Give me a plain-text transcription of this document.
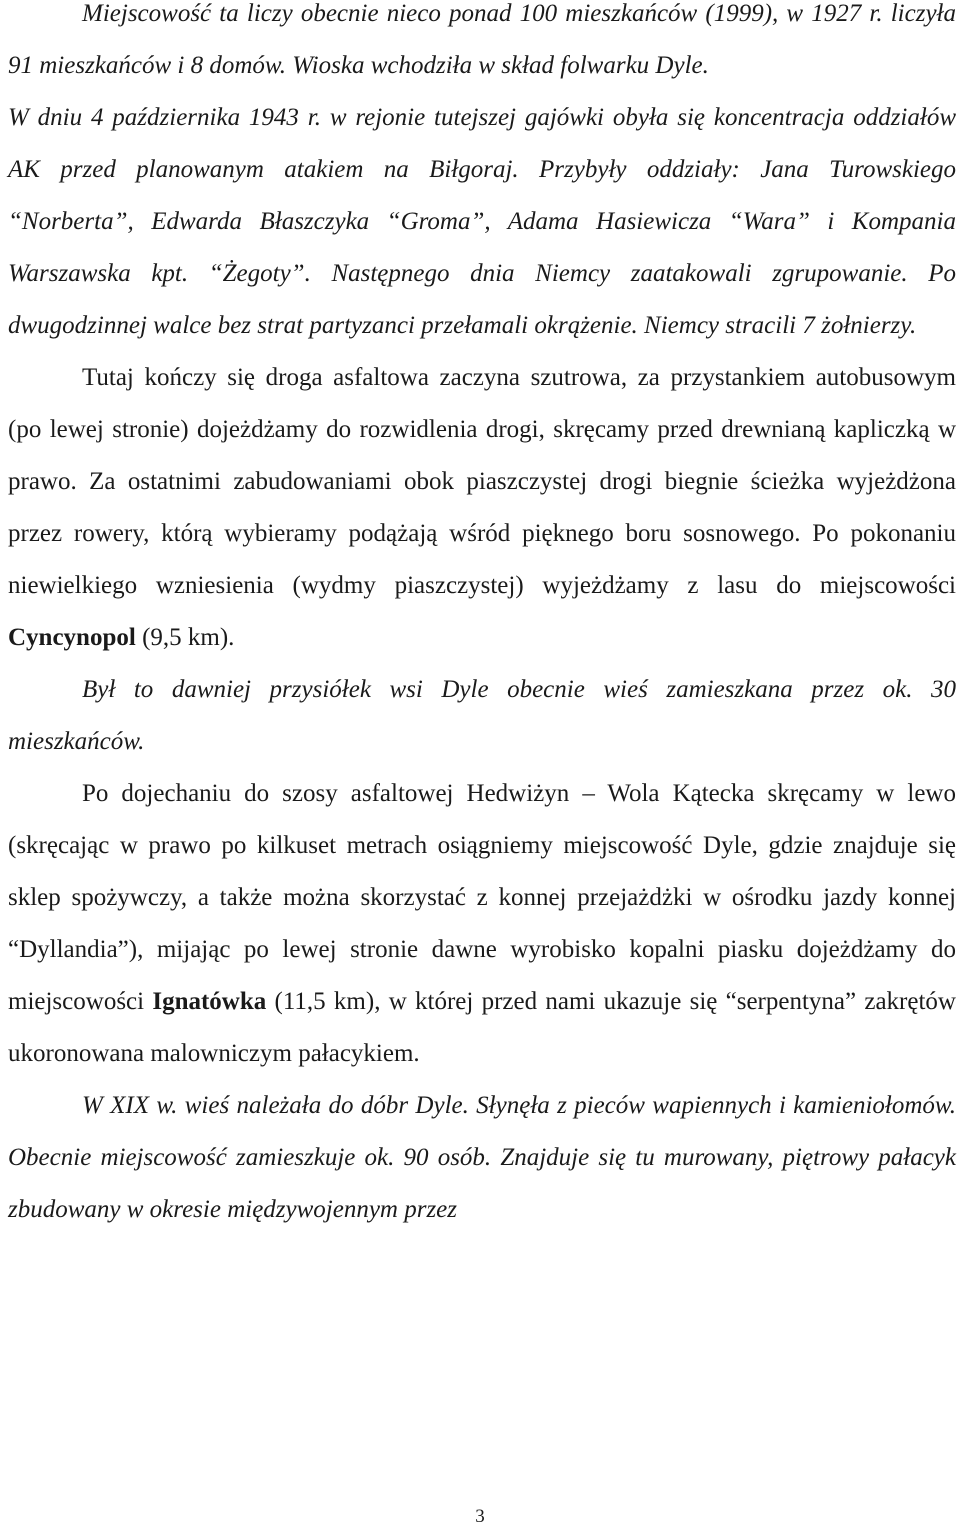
Miejscowość ta liczy obecnie nieco ponad 100 mieszkańców (1999), w 1927 r. liczyła 91 mieszkańców i 8 domów. Wioska wchodziła w skład folwarku Dyle.

W dniu 4 października 1943 r. w rejonie tutejszej gajówki obyła się koncentracja oddziałów AK przed planowanym atakiem na Biłgoraj. Przybyły oddziały: Jana Turowskiego “Norberta”, Edwarda Błaszczyka “Groma”, Adama Hasiewicza “Wara” i Kompania Warszawska kpt. “Żegoty”. Następnego dnia Niemcy zaatakowali zgrupowanie. Po dwugodzinnej walce bez strat partyzanci przełamali okrążenie. Niemcy stracili 7 żołnierzy.

Tutaj kończy się droga asfaltowa zaczyna szutrowa, za przystankiem autobusowym (po lewej stronie) dojeżdżamy do rozwidlenia drogi, skręcamy przed drewnianą kapliczką w prawo. Za ostatnimi zabudowaniami obok piaszczystej drogi biegnie ścieżka wyjeżdżona przez rowery, którą wybieramy podążają wśród pięknego boru sosnowego. Po pokonaniu niewielkiego wzniesienia (wydmy piaszczystej) wyjeżdżamy z lasu do miejscowości Cyncynopol (9,5 km).

Był to dawniej przysiółek wsi Dyle obecnie wieś zamieszkana przez ok. 30 mieszkańców.

Po dojechaniu do szosy asfaltowej Hedwiżyn – Wola Kątecka skręcamy w lewo (skręcając w prawo po kilkuset metrach osiągniemy miejscowość Dyle, gdzie znajduje się sklep spożywczy, a także można skorzystać z konnej przejażdżki w ośrodku jazdy konnej “Dyllandia”), mijając po lewej stronie dawne wyrobisko kopalni piasku dojeżdżamy do miejscowości Ignatówka (11,5 km), w której przed nami ukazuje się “serpentyna” zakrętów ukoronowana malowniczym pałacykiem.

W XIX w. wieś należała do dóbr Dyle. Słynęła z pieców wapiennych i kamieniołomów. Obecnie miejscowość zamieszkuje ok. 90 osób. Znajduje się tu murowany, piętrowy pałacyk zbudowany w okresie międzywojennym przez

3
